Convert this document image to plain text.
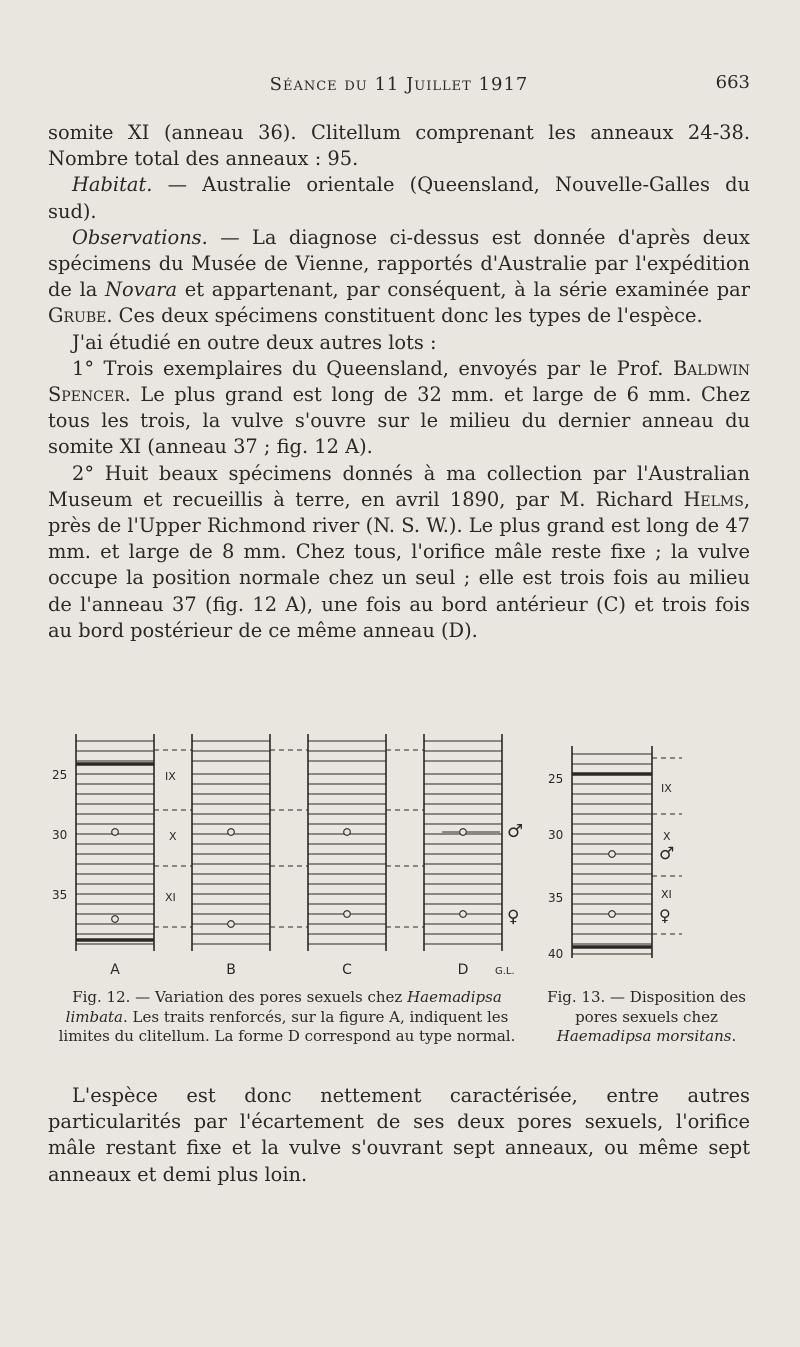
Séance du 11 Juillet 1917	663

somite XI (anneau 36). Clitellum comprenant les anneaux 24-38. Nombre total des anneaux : 95.

Habitat. — Australie orientale (Queensland, Nouvelle-Galles du sud).

Observations. — La diagnose ci-dessus est donnée d'après deux spécimens du Musée de Vienne, rapportés d'Australie par l'expédition de la Novara et appartenant, par conséquent, à la série examinée par Grube. Ces deux spécimens constituent donc les types de l'espèce.

J'ai étudié en outre deux autres lots :

1° Trois exemplaires du Queensland, envoyés par le Prof. Baldwin Spencer. Le plus grand est long de 32 mm. et large de 6 mm. Chez tous les trois, la vulve s'ouvre sur le milieu du dernier anneau du somite XI (anneau 37 ; fig. 12 A).

2° Huit beaux spécimens donnés à ma collection par l'Australian Museum et recueillis à terre, en avril 1890, par M. Richard Helms, près de l'Upper Richmond river (N. S. W.). Le plus grand est long de 47 mm. et large de 8 mm. Chez tous, l'orifice mâle reste fixe ; la vulve occupe la position normale chez un seul ; elle est trois fois au milieu de l'anneau 37 (fig. 12 A), une fois au bord antérieur (C) et trois fois au bord postérieur de ce même anneau (D).

25
30
35
IX
X
XI
♂
♀
A	B	C	D	G.L.
25
30
35
40
IX
X
XI
♂
♀
Fig. 12. — Variation des pores sexuels chez Haemadipsa limbata. Les traits renforcés, sur la figure A, indiquent les limites du clitellum. La forme D correspond au type normal.
Fig. 13. — Disposition des pores sexuels chez Haemadipsa morsitans.

L'espèce est donc nettement caractérisée, entre autres particularités par l'écartement de ses deux pores sexuels, l'orifice mâle restant fixe et la vulve s'ouvrant sept anneaux, ou même sept anneaux et demi plus loin.
